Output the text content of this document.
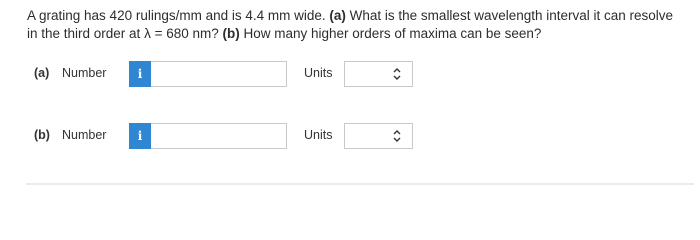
A grating has 420 rulings/mm and is 4.4 mm wide. (a) What is the smallest wavelength interval it can resolve in the third order at λ = 680 nm? (b) How many higher orders of maxima can be seen?
(a) Number	i	Units
(b) Number	i	Units
